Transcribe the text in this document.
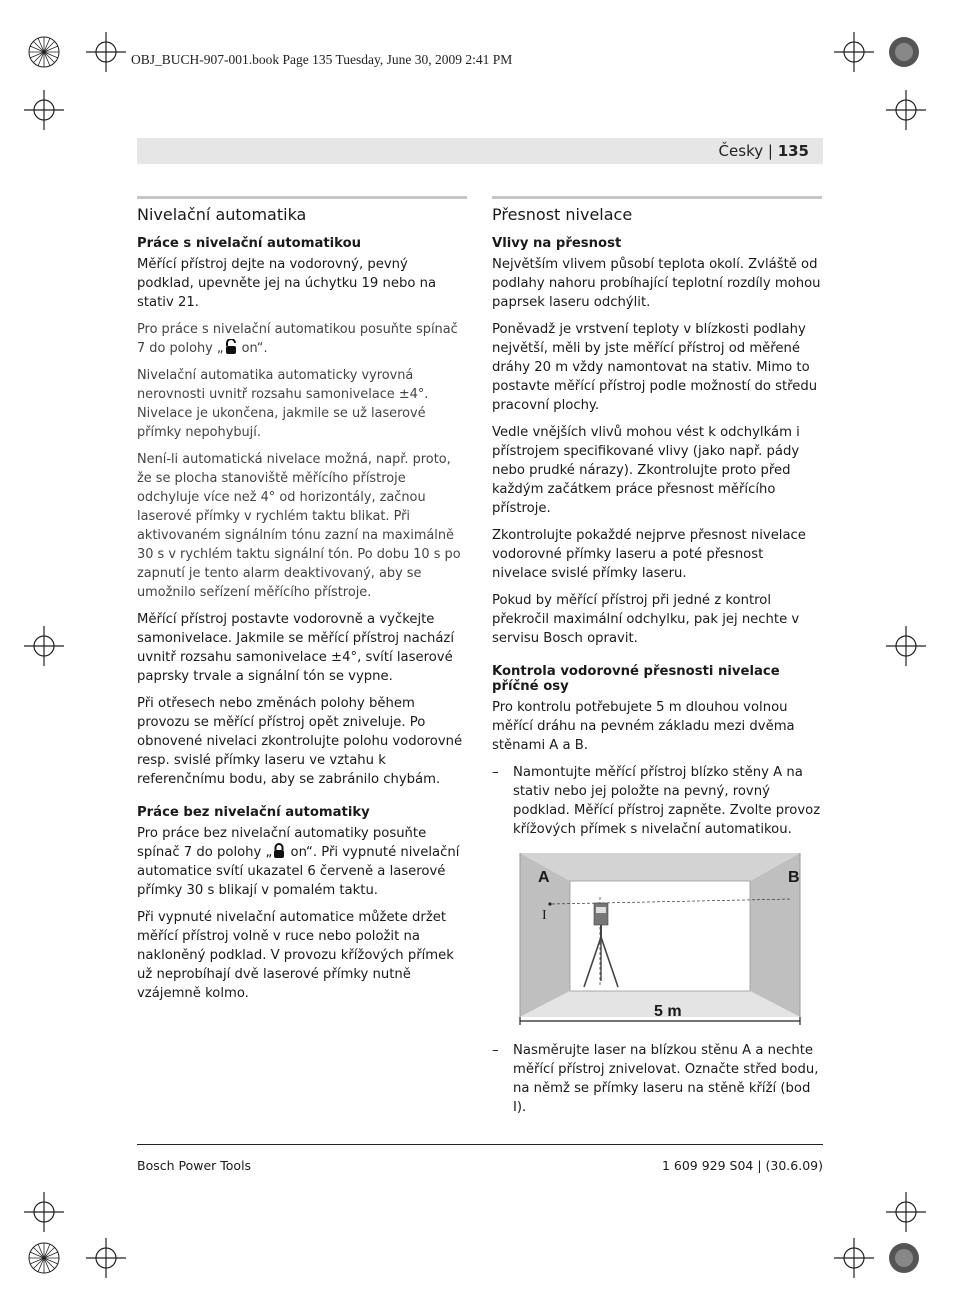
OBJ_BUCH-907-001.book Page 135 Tuesday, June 30, 2009 2:41 PM
Česky | 135
Nivelační automatika
Práce s nivelační automatikou

Měřící přístroj dejte na vodorovný, pevný podklad, upevněte jej na úchytku 19 nebo na stativ 21.

Pro práce s nivelační automatikou posuňte spínač 7 do polohy „ on“.

Nivelační automatika automaticky vyrovná nerovnosti uvnitř rozsahu samonivelace ±4°. Nivelace je ukončena, jakmile se už laserové přímky nepohybují.

Není-li automatická nivelace možná, např. proto, že se plocha stanoviště měřícího přístroje odchyluje více než 4° od horizontály, začnou laserové přímky v rychlém taktu blikat. Při aktivovaném signálním tónu zazní na maximálně 30 s v rychlém taktu signální tón. Po dobu 10 s po zapnutí je tento alarm deaktivovaný, aby se umožnilo seřízení měřícího přístroje.

Měřící přístroj postavte vodorovně a vyčkejte samonivelace. Jakmile se měřící přístroj nachází uvnitř rozsahu samonivelace ±4°, svítí laserové paprsky trvale a signální tón se vypne.

Při otřesech nebo změnách polohy během provozu se měřící přístroj opět zniveluje. Po obnovené nivelaci zkontrolujte polohu vodorovné resp. svislé přímky laseru ve vztahu k referenčnímu bodu, aby se zabránilo chybám.

Práce bez nivelační automatiky

Pro práce bez nivelační automatiky posuňte spínač 7 do polohy „ on“. Při vypnuté nivelační automatice svítí ukazatel 6 červeně a laserové přímky 30 s blikají v pomalém taktu.

Při vypnuté nivelační automatice můžete držet měřící přístroj volně v ruce nebo položit na nakloněný podklad. V provozu křížových přímek už neprobíhají dvě laserové přímky nutně vzájemně kolmo.

Přesnost nivelace
Vlivy na přesnost

Největším vlivem působí teplota okolí. Zvláště od podlahy nahoru probíhající teplotní rozdíly mohou paprsek laseru odchýlit.

Poněvadž je vrstvení teploty v blízkosti podlahy největší, měli by jste měřící přístroj od měřené dráhy 20 m vždy namontovat na stativ. Mimo to postavte měřící přístroj podle možností do středu pracovní plochy.

Vedle vnějších vlivů mohou vést k odchylkám i přístrojem specifikované vlivy (jako např. pády nebo prudké nárazy). Zkontrolujte proto před každým začátkem práce přesnost měřícího přístroje.

Zkontrolujte pokaždé nejprve přesnost nivelace vodorovné přímky laseru a poté přesnost nivelace svislé přímky laseru.

Pokud by měřící přístroj při jedné z kontrol překročil maximální odchylku, pak jej nechte v servisu Bosch opravit.

Kontrola vodorovné přesnosti nivelace příčné osy

Pro kontrolu potřebujete 5 m dlouhou volnou měřící dráhu na pevném základu mezi dvěma stěnami A a B.

–	Namontujte měřící přístroj blízko stěny A na stativ nebo jej položte na pevný, rovný podklad. Měřící přístroj zapněte. Zvolte provoz křížových přímek s nivelační automatikou.
A	B
I
5 m
–	Nasměrujte laser na blízkou stěnu A a nechte měřící přístroj znivelovat. Označte střed bodu, na němž se přímky laseru na stěně kříží (bod I).
Bosch Power Tools	1 609 929 S04 | (30.6.09)
